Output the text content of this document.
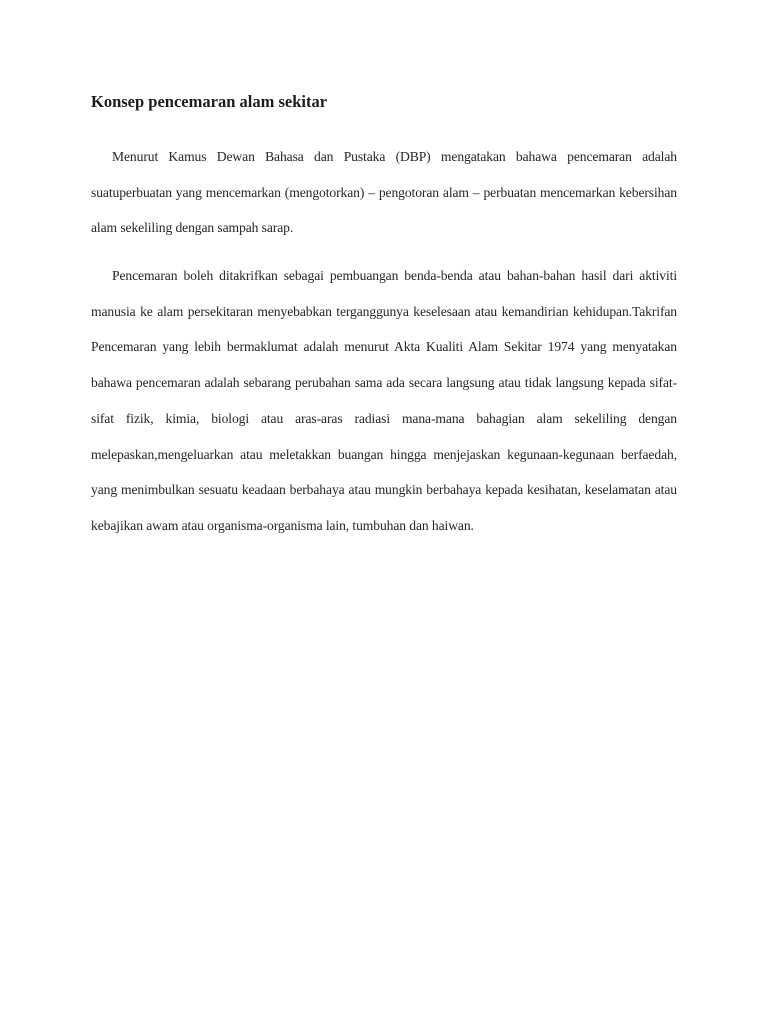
Konsep pencemaran alam sekitar

Menurut Kamus Dewan Bahasa dan Pustaka (DBP) mengatakan bahawa pencemaran adalah suatuperbuatan yang mencemarkan (mengotorkan) – pengotoran alam – perbuatan mencemarkan kebersihan alam sekeliling dengan sampah sarap.

Pencemaran boleh ditakrifkan sebagai pembuangan benda-benda atau bahan-bahan hasil dari aktiviti manusia ke alam persekitaran menyebabkan terganggunya keselesaan atau kemandirian kehidupan.Takrifan Pencemaran yang lebih bermaklumat adalah menurut Akta Kualiti Alam Sekitar 1974 yang menyatakan bahawa pencemaran adalah sebarang perubahan sama ada secara langsung atau tidak langsung kepada sifat-sifat fizik, kimia, biologi atau aras-aras radiasi mana-mana bahagian alam sekeliling dengan melepaskan,mengeluarkan atau meletakkan buangan hingga menjejaskan kegunaan-kegunaan berfaedah, yang menimbulkan sesuatu keadaan berbahaya atau mungkin berbahaya kepada kesihatan, keselamatan atau kebajikan awam atau organisma-organisma lain, tumbuhan dan haiwan.
